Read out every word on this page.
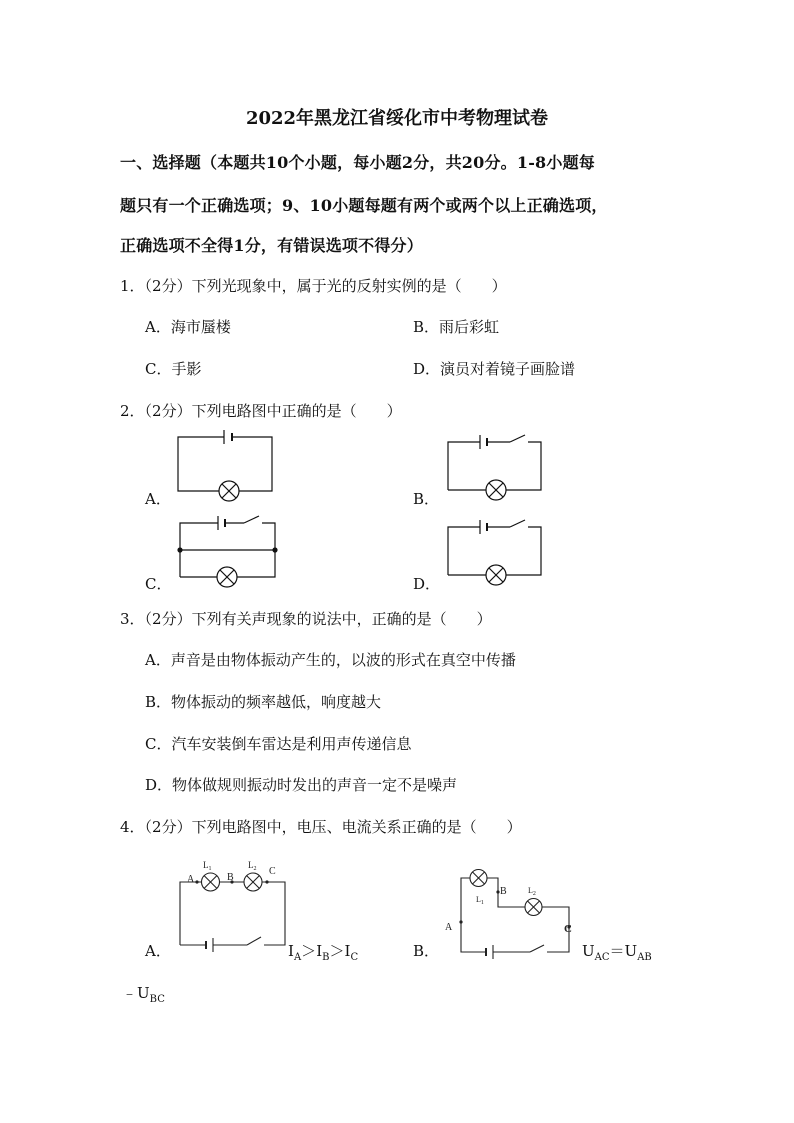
2022年黑龙江省绥化市中考物理试卷
一、选择题（本题共10个小题，每小题2分，共20分。1-8小题每
题只有一个正确选项；9、10小题每题有两个或两个以上正确选项，
正确选项不全得1分，有错误选项不得分）
1．（2分）下列光现象中，属于光的反射实例的是（　　）
A．海市蜃楼	B．雨后彩虹
C．手影	D．演员对着镜子画脸谱
2．（2分）下列电路图中正确的是（　　）
A．	B．
C．	D．
3．（2分）下列有关声现象的说法中，正确的是（　　）
A．声音是由物体振动产生的，以波的形式在真空中传播
B．物体振动的频率越低，响度越大
C．汽车安装倒车雷达是利用声传递信息
D．物体做规则振动时发出的声音一定不是噪声
4．（2分）下列电路图中，电压、电流关系正确的是（　　）
A	B
C
$L_1$	$L_2$
A．	$I_A>I_B>I_C$
A
B
C
$L_1$
$L_2$
B．	$U_{AC}=U_{AB}$
$﹣U_{BC}$
